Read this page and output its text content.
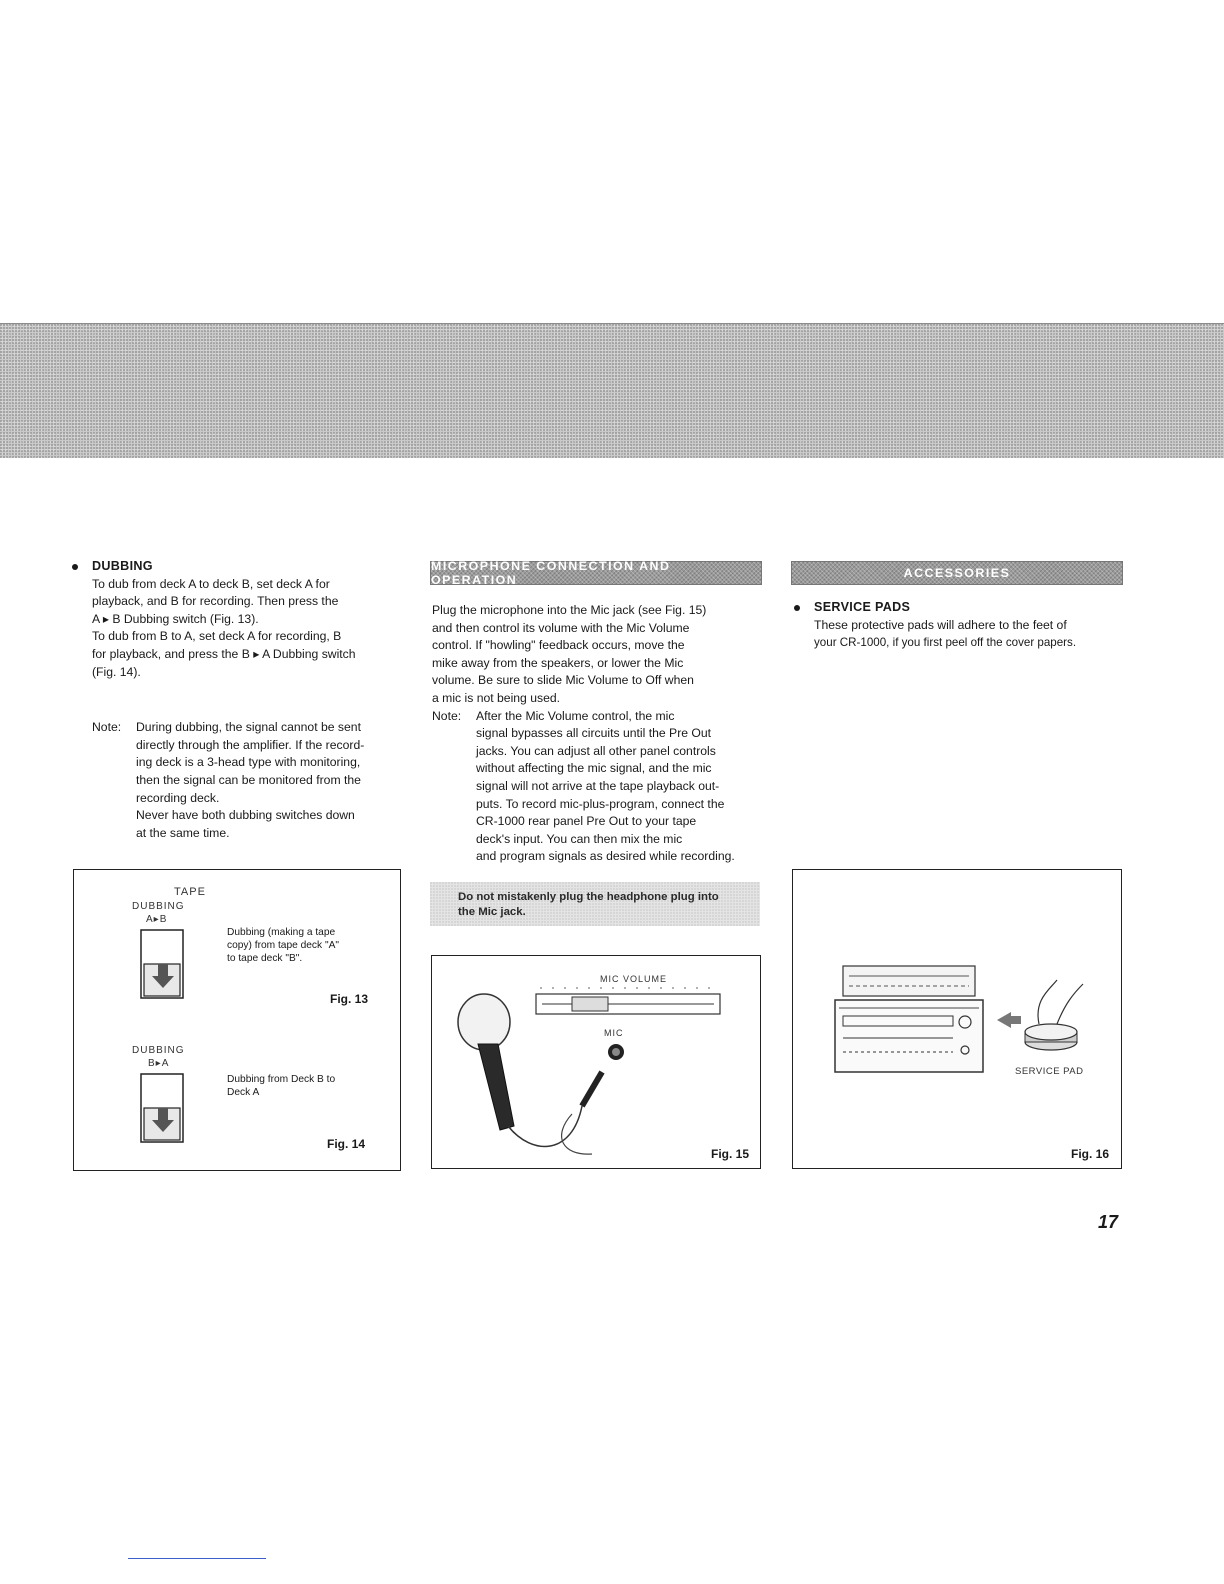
DUBBING

To dub from deck A to deck B, set deck A for

playback, and B for recording. Then press the

A ▸ B Dubbing switch (Fig. 13).

To dub from B to A, set deck A for recording, B

for playback, and press the B ▸ A Dubbing switch

(Fig. 14).

Note:	During dubbing, the signal cannot be sent

directly through the amplifier. If the record-

ing deck is a 3-head type with monitoring,

then the signal can be monitored from the

recording deck.

Never have both dubbing switches down

at the same time.

TAPE
DUBBING
A▸B
Dubbing (making a tape
copy) from tape deck "A"
to tape deck "B".
Fig. 13
DUBBING
B▸A
Dubbing from Deck B to
Deck A
Fig. 14
MICROPHONE CONNECTION AND OPERATION

Plug the microphone into the Mic jack (see Fig. 15)

and then control its volume with the Mic Volume

control. If "howling" feedback occurs, move the

mike away from the speakers, or lower the Mic

volume. Be sure to slide Mic Volume to Off when

a mic is not being used.

Note:	After the Mic Volume control, the mic

signal bypasses all circuits until the Pre Out

jacks. You can adjust all other panel controls

without affecting the mic signal, and the mic

signal will not arrive at the tape playback out-

puts. To record mic-plus-program, connect the

CR-1000 rear panel Pre Out to your tape

deck's input. You can then mix the mic

and program signals as desired while recording.

Do not mistakenly plug the headphone plug into
the Mic jack.
MIC VOLUME
MIC
Fig. 15
ACCESSORIES
SERVICE PADS

These protective pads will adhere to the feet of

your CR-1000, if you first peel off the cover papers.

SERVICE PAD
Fig. 16
17
